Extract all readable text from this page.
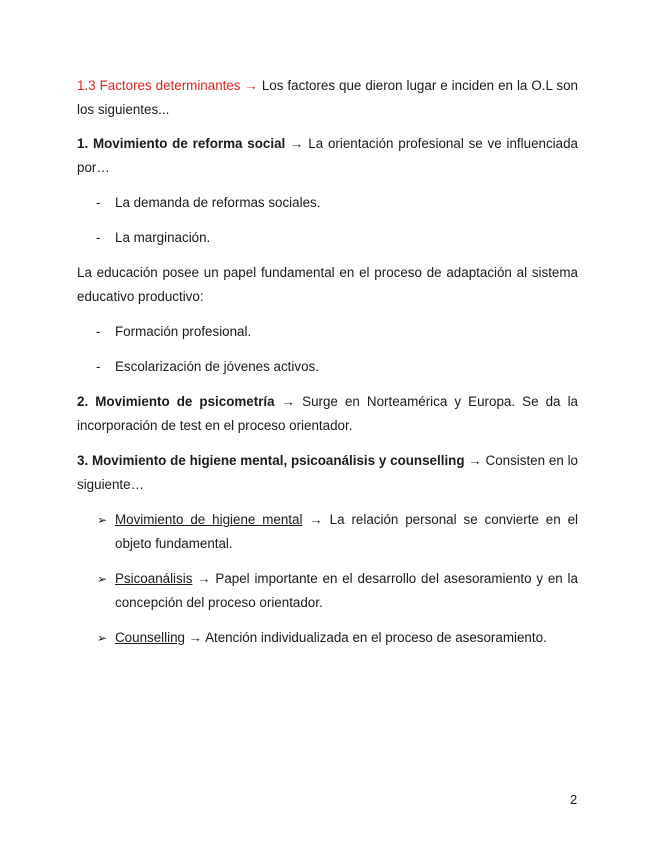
1.3 Factores determinantes → Los factores que dieron lugar e inciden en la O.L son los siguientes...

1. Movimiento de reforma social → La orientación profesional se ve influenciada por…

- La demanda de reformas sociales.
- La marginación.

La educación posee un papel fundamental en el proceso de adaptación al sistema educativo productivo:

- Formación profesional.
- Escolarización de jóvenes activos.

2. Movimiento de psicometría → Surge en Norteamérica y Europa. Se da la incorporación de test en el proceso orientador.

3. Movimiento de higiene mental, psicoanálisis y counselling → Consisten en lo siguiente…

➢ Movimiento de higiene mental → La relación personal se convierte en el objeto fundamental.
➢ Psicoanálisis → Papel importante en el desarrollo del asesoramiento y en la concepción del proceso orientador.
➢ Counselling → Atención individualizada en el proceso de asesoramiento.
2
